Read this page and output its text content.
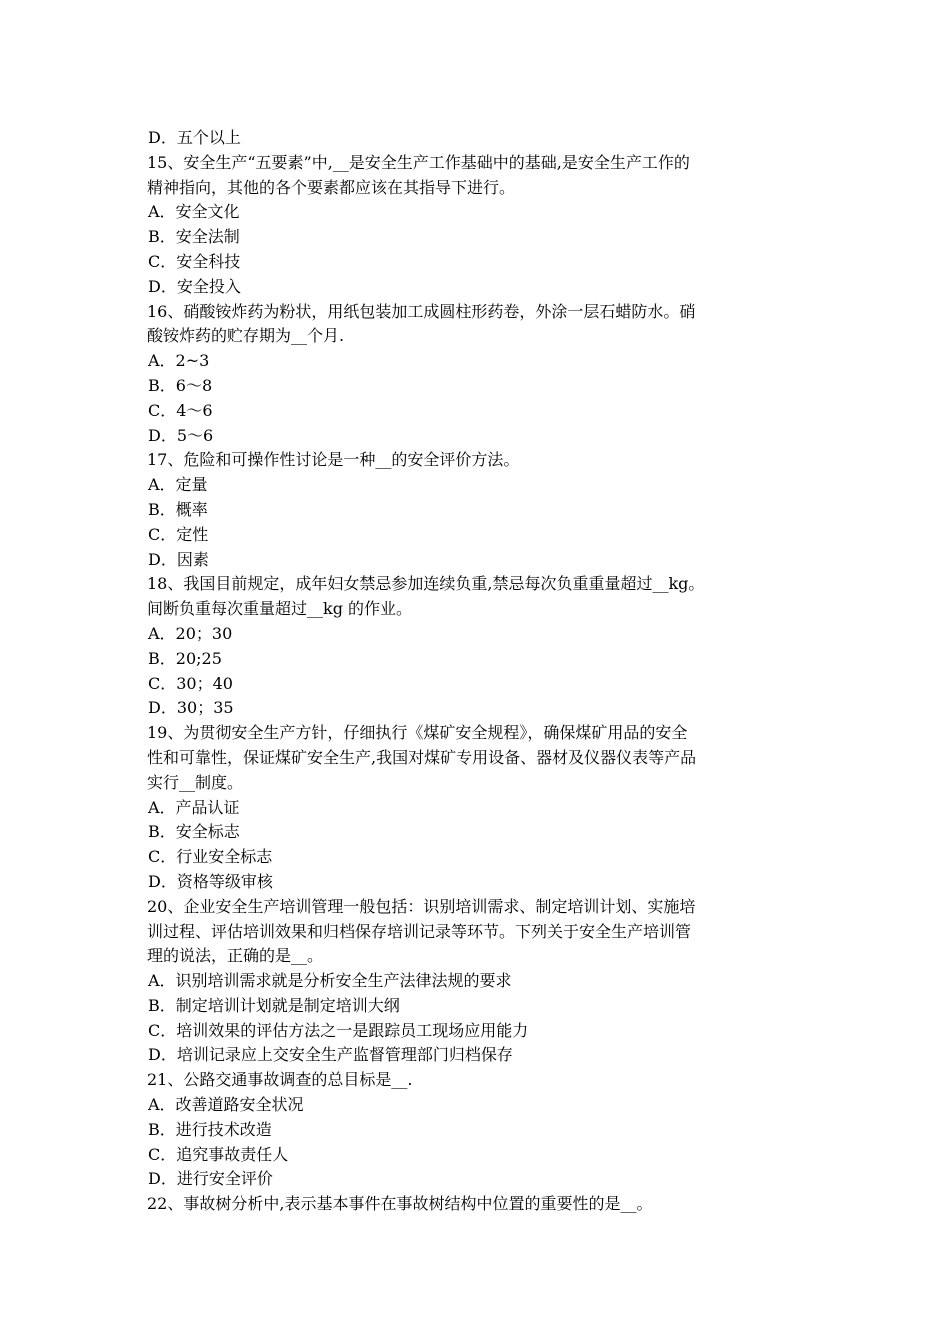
D．五个以上
15、安全生产“五要素”中,__是安全生产工作基础中的基础,是安全生产工作的
精神指向，其他的各个要素都应该在其指导下进行。
A．安全文化
B．安全法制
C．安全科技
D．安全投入
16、硝酸铵炸药为粉状，用纸包装加工成圆柱形药卷，外涂一层石蜡防水。硝
酸铵炸药的贮存期为__个月.
A．2~3
B．6～8
C．4～6
D．5～6
17、危险和可操作性讨论是一种__的安全评价方法。
A．定量
B．概率
C．定性
D．因素
18、我国目前规定，成年妇女禁忌参加连续负重,禁忌每次负重重量超过__kg。
间断负重每次重量超过__kg 的作业。
A．20；30
B．20;25
C．30；40
D．30；35
19、为贯彻安全生产方针，仔细执行《煤矿安全规程》，确保煤矿用品的安全
性和可靠性，保证煤矿安全生产,我国对煤矿专用设备、器材及仪器仪表等产品
实行__制度。
A．产品认证
B．安全标志
C．行业安全标志
D．资格等级审核
20、企业安全生产培训管理一般包括：识别培训需求、制定培训计划、实施培
训过程、评估培训效果和归档保存培训记录等环节。下列关于安全生产培训管
理的说法，正确的是__。
A．识别培训需求就是分析安全生产法律法规的要求
B．制定培训计划就是制定培训大纲
C．培训效果的评估方法之一是跟踪员工现场应用能力
D．培训记录应上交安全生产监督管理部门归档保存
21、公路交通事故调查的总目标是__.
A．改善道路安全状况
B．进行技术改造
C．追究事故责任人
D．进行安全评价
22、事故树分析中,表示基本事件在事故树结构中位置的重要性的是__。
